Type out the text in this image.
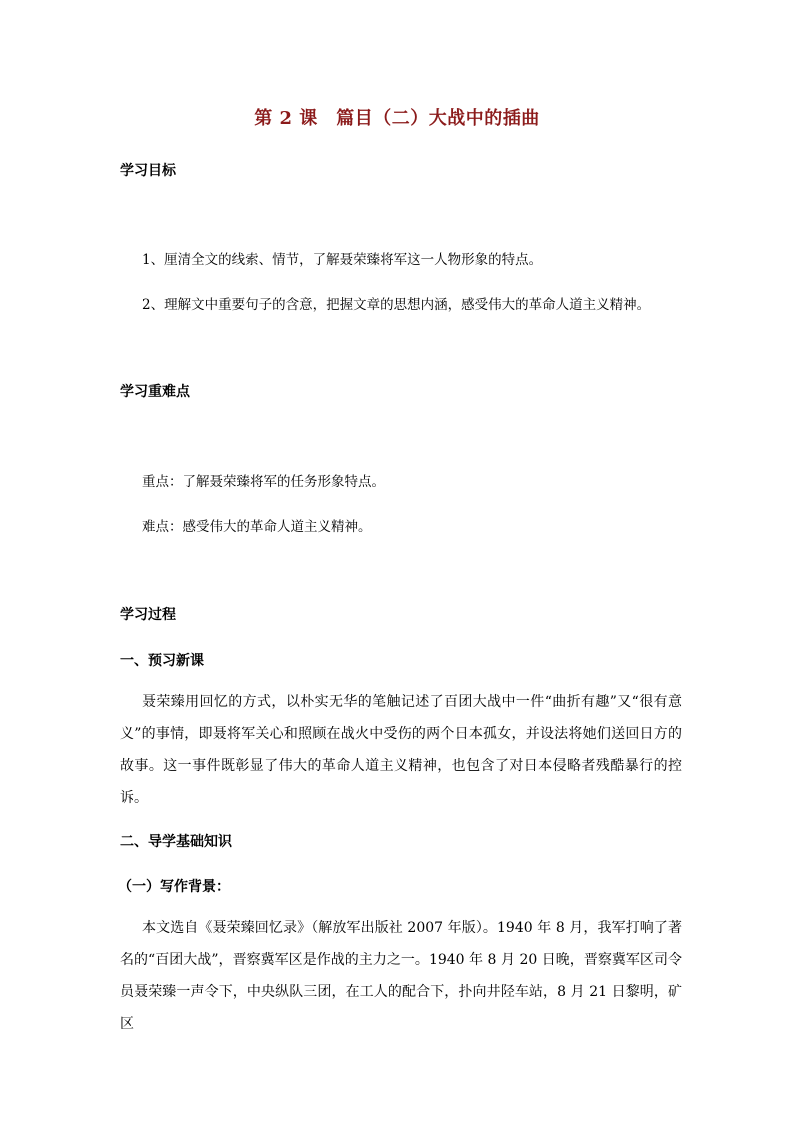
第 2 课　篇目（二）大战中的插曲
学习目标
1、厘清全文的线索、情节，了解聂荣臻将军这一人物形象的特点。
2、理解文中重要句子的含意，把握文章的思想内涵，感受伟大的革命人道主义精神。
学习重难点
重点：了解聂荣臻将军的任务形象特点。
难点：感受伟大的革命人道主义精神。
学习过程
一、预习新课
聂荣臻用回忆的方式，以朴实无华的笔触记述了百团大战中一件“曲折有趣”又“很有意义”的事情，即聂将军关心和照顾在战火中受伤的两个日本孤女，并设法将她们送回日方的故事。这一事件既彰显了伟大的革命人道主义精神，也包含了对日本侵略者残酷暴行的控诉。
二、导学基础知识
（一）写作背景：
本文选自《聂荣臻回忆录》（解放军出版社 2007 年版）。1940 年 8 月，我军打响了著名的“百团大战”，晋察冀军区是作战的主力之一。1940 年 8 月 20 日晚，晋察冀军区司令员聂荣臻一声令下，中央纵队三团，在工人的配合下，扑向井陉车站，8 月 21 日黎明，矿区
